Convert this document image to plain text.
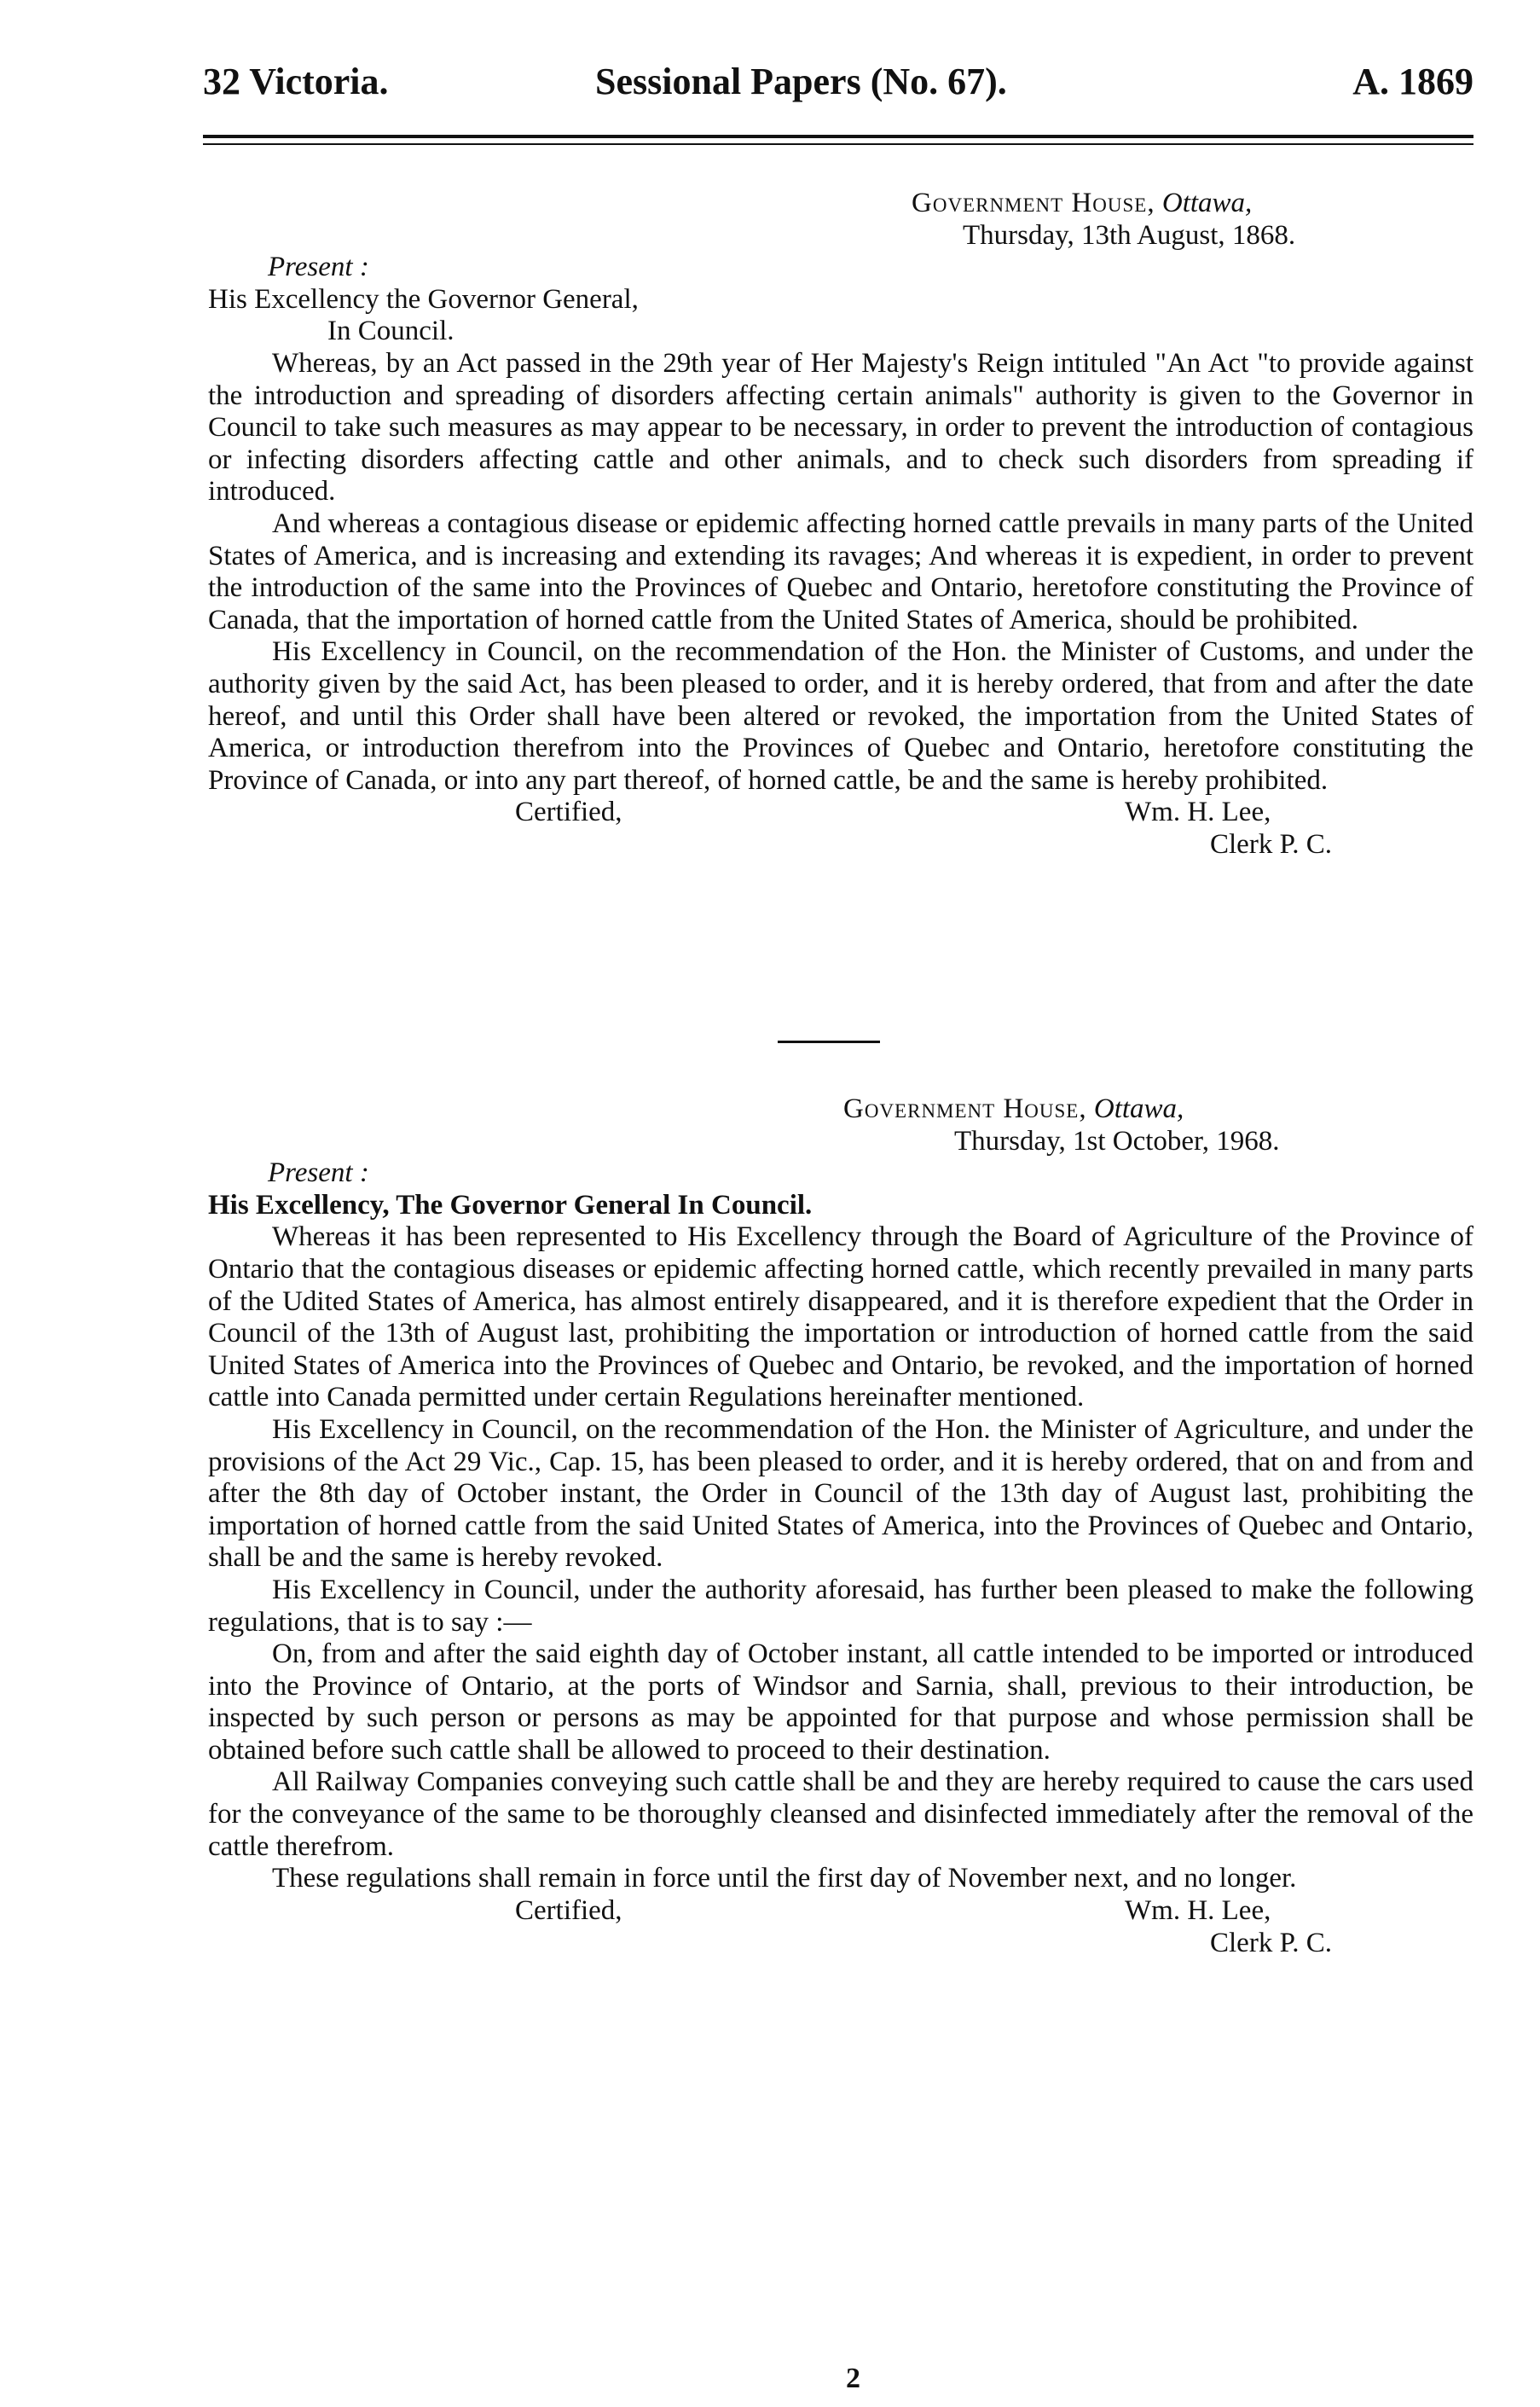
32 Victoria.	Sessional Papers (No. 67).	A. 1869
Government House, Ottawa,
Thursday, 13th August, 1868.
Present :
His Excellency the Governor General,
In Council.

Whereas, by an Act passed in the 29th year of Her Majesty's Reign intituled "An Act "to provide against the introduction and spreading of disorders affecting certain animals" authority is given to the Governor in Council to take such measures as may appear to be necessary, in order to prevent the introduction of contagious or infecting disorders affecting cattle and other animals, and to check such disorders from spreading if introduced.

And whereas a contagious disease or epidemic affecting horned cattle prevails in many parts of the United States of America, and is increasing and extending its ravages; And whereas it is expedient, in order to prevent the introduction of the same into the Provinces of Quebec and Ontario, heretofore constituting the Province of Canada, that the importation of horned cattle from the United States of America, should be prohibited.

His Excellency in Council, on the recommendation of the Hon. the Minister of Customs, and under the authority given by the said Act, has been pleased to order, and it is hereby ordered, that from and after the date hereof, and until this Order shall have been altered or revoked, the importation from the United States of America, or introduction therefrom into the Provinces of Quebec and Ontario, heretofore constituting the Province of Canada, or into any part thereof, of horned cattle, be and the same is hereby prohibited.

Certified,	Wm. H. Lee,
Clerk P. C.
Government House, Ottawa,
Thursday, 1st October, 1968.
Present :
His Excellency, The Governor General In Council.

Whereas it has been represented to His Excellency through the Board of Agriculture of the Province of Ontario that the contagious diseases or epidemic affecting horned cattle, which recently prevailed in many parts of the Udited States of America, has almost entirely disappeared, and it is therefore expedient that the Order in Council of the 13th of August last, prohibiting the importation or introduction of horned cattle from the said United States of America into the Provinces of Quebec and Ontario, be revoked, and the importation of horned cattle into Canada permitted under certain Regulations hereinafter mentioned.

His Excellency in Council, on the recommendation of the Hon. the Minister of Agriculture, and under the provisions of the Act 29 Vic., Cap. 15, has been pleased to order, and it is hereby ordered, that on and from and after the 8th day of October instant, the Order in Council of the 13th day of August last, prohibiting the importation of horned cattle from the said United States of America, into the Provinces of Quebec and Ontario, shall be and the same is hereby revoked.

His Excellency in Council, under the authority aforesaid, has further been pleased to make the following regulations, that is to say :—

On, from and after the said eighth day of October instant, all cattle intended to be imported or introduced into the Province of Ontario, at the ports of Windsor and Sarnia, shall, previous to their introduction, be inspected by such person or persons as may be appointed for that purpose and whose permission shall be obtained before such cattle shall be allowed to proceed to their destination.

All Railway Companies conveying such cattle shall be and they are hereby required to cause the cars used for the conveyance of the same to be thoroughly cleansed and disinfected immediately after the removal of the cattle therefrom.

These regulations shall remain in force until the first day of November next, and no longer.

Certified,	Wm. H. Lee,
Clerk P. C.
2
